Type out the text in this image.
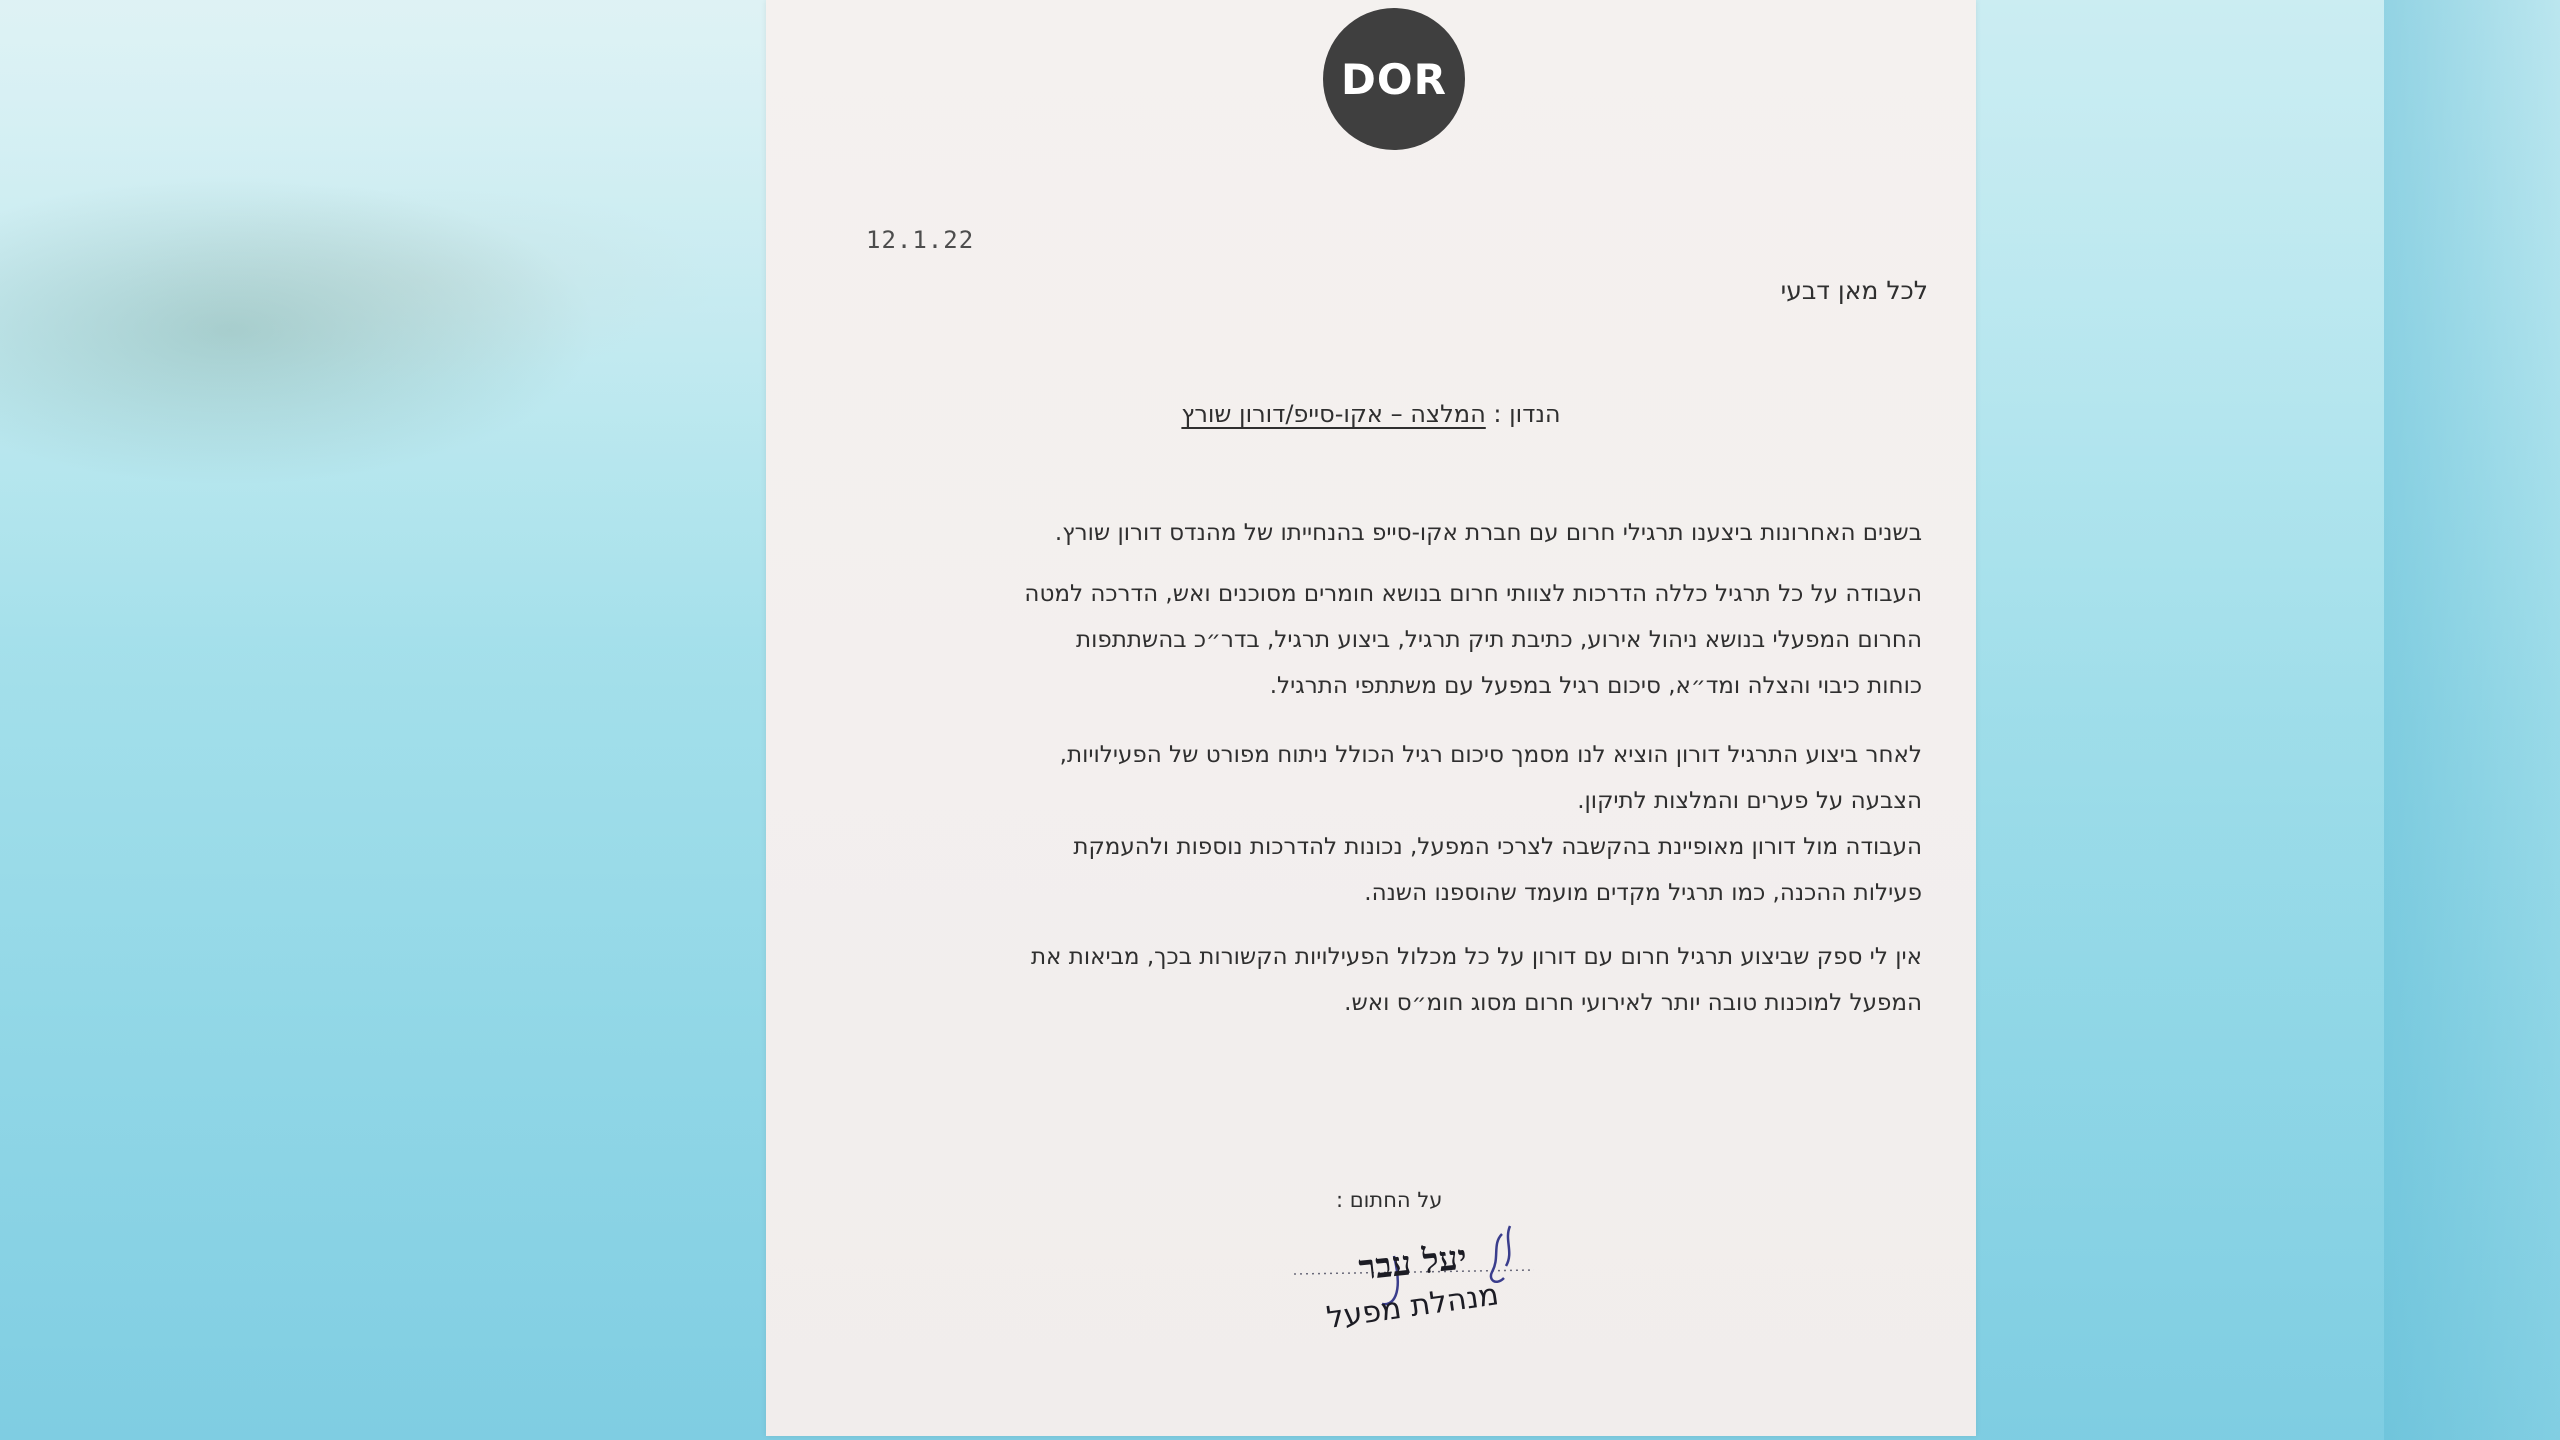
DOR
12.1.22
לכל מאן דבעי
הנדון : המלצה – אקו-סייפ/דורון שורץ

בשנים האחרונות ביצענו תרגילי חרום עם חברת אקו-סייפ בהנחייתו של מהנדס דורון שורץ.

העבודה על כל תרגיל כללה הדרכות לצוותי חרום בנושא חומרים מסוכנים ואש, הדרכה למטה

החרום המפעלי בנושא ניהול אירוע, כתיבת תיק תרגיל, ביצוע תרגיל, בדר״כ בהשתתפות

כוחות כיבוי והצלה ומד״א, סיכום רגיל במפעל עם משתתפי התרגיל.

לאחר ביצוע התרגיל דורון הוציא לנו מסמך סיכום רגיל הכולל ניתוח מפורט של הפעילויות,

הצבעה על פערים והמלצות לתיקון.

העבודה מול דורון מאופיינת בהקשבה לצרכי המפעל, נכונות להדרכות נוספות ולהעמקת

פעילות ההכנה, כמו תרגיל מקדים מועמד שהוספנו השנה.

אין לי ספק שביצוע תרגיל חרום עם דורון על כל מכלול הפעילויות הקשורות בכך, מביאות את

המפעל למוכנות טובה יותר לאירועי חרום מסוג חומ״ס ואש.

על החתום :
יעל עבר
מנהלת מפעל
